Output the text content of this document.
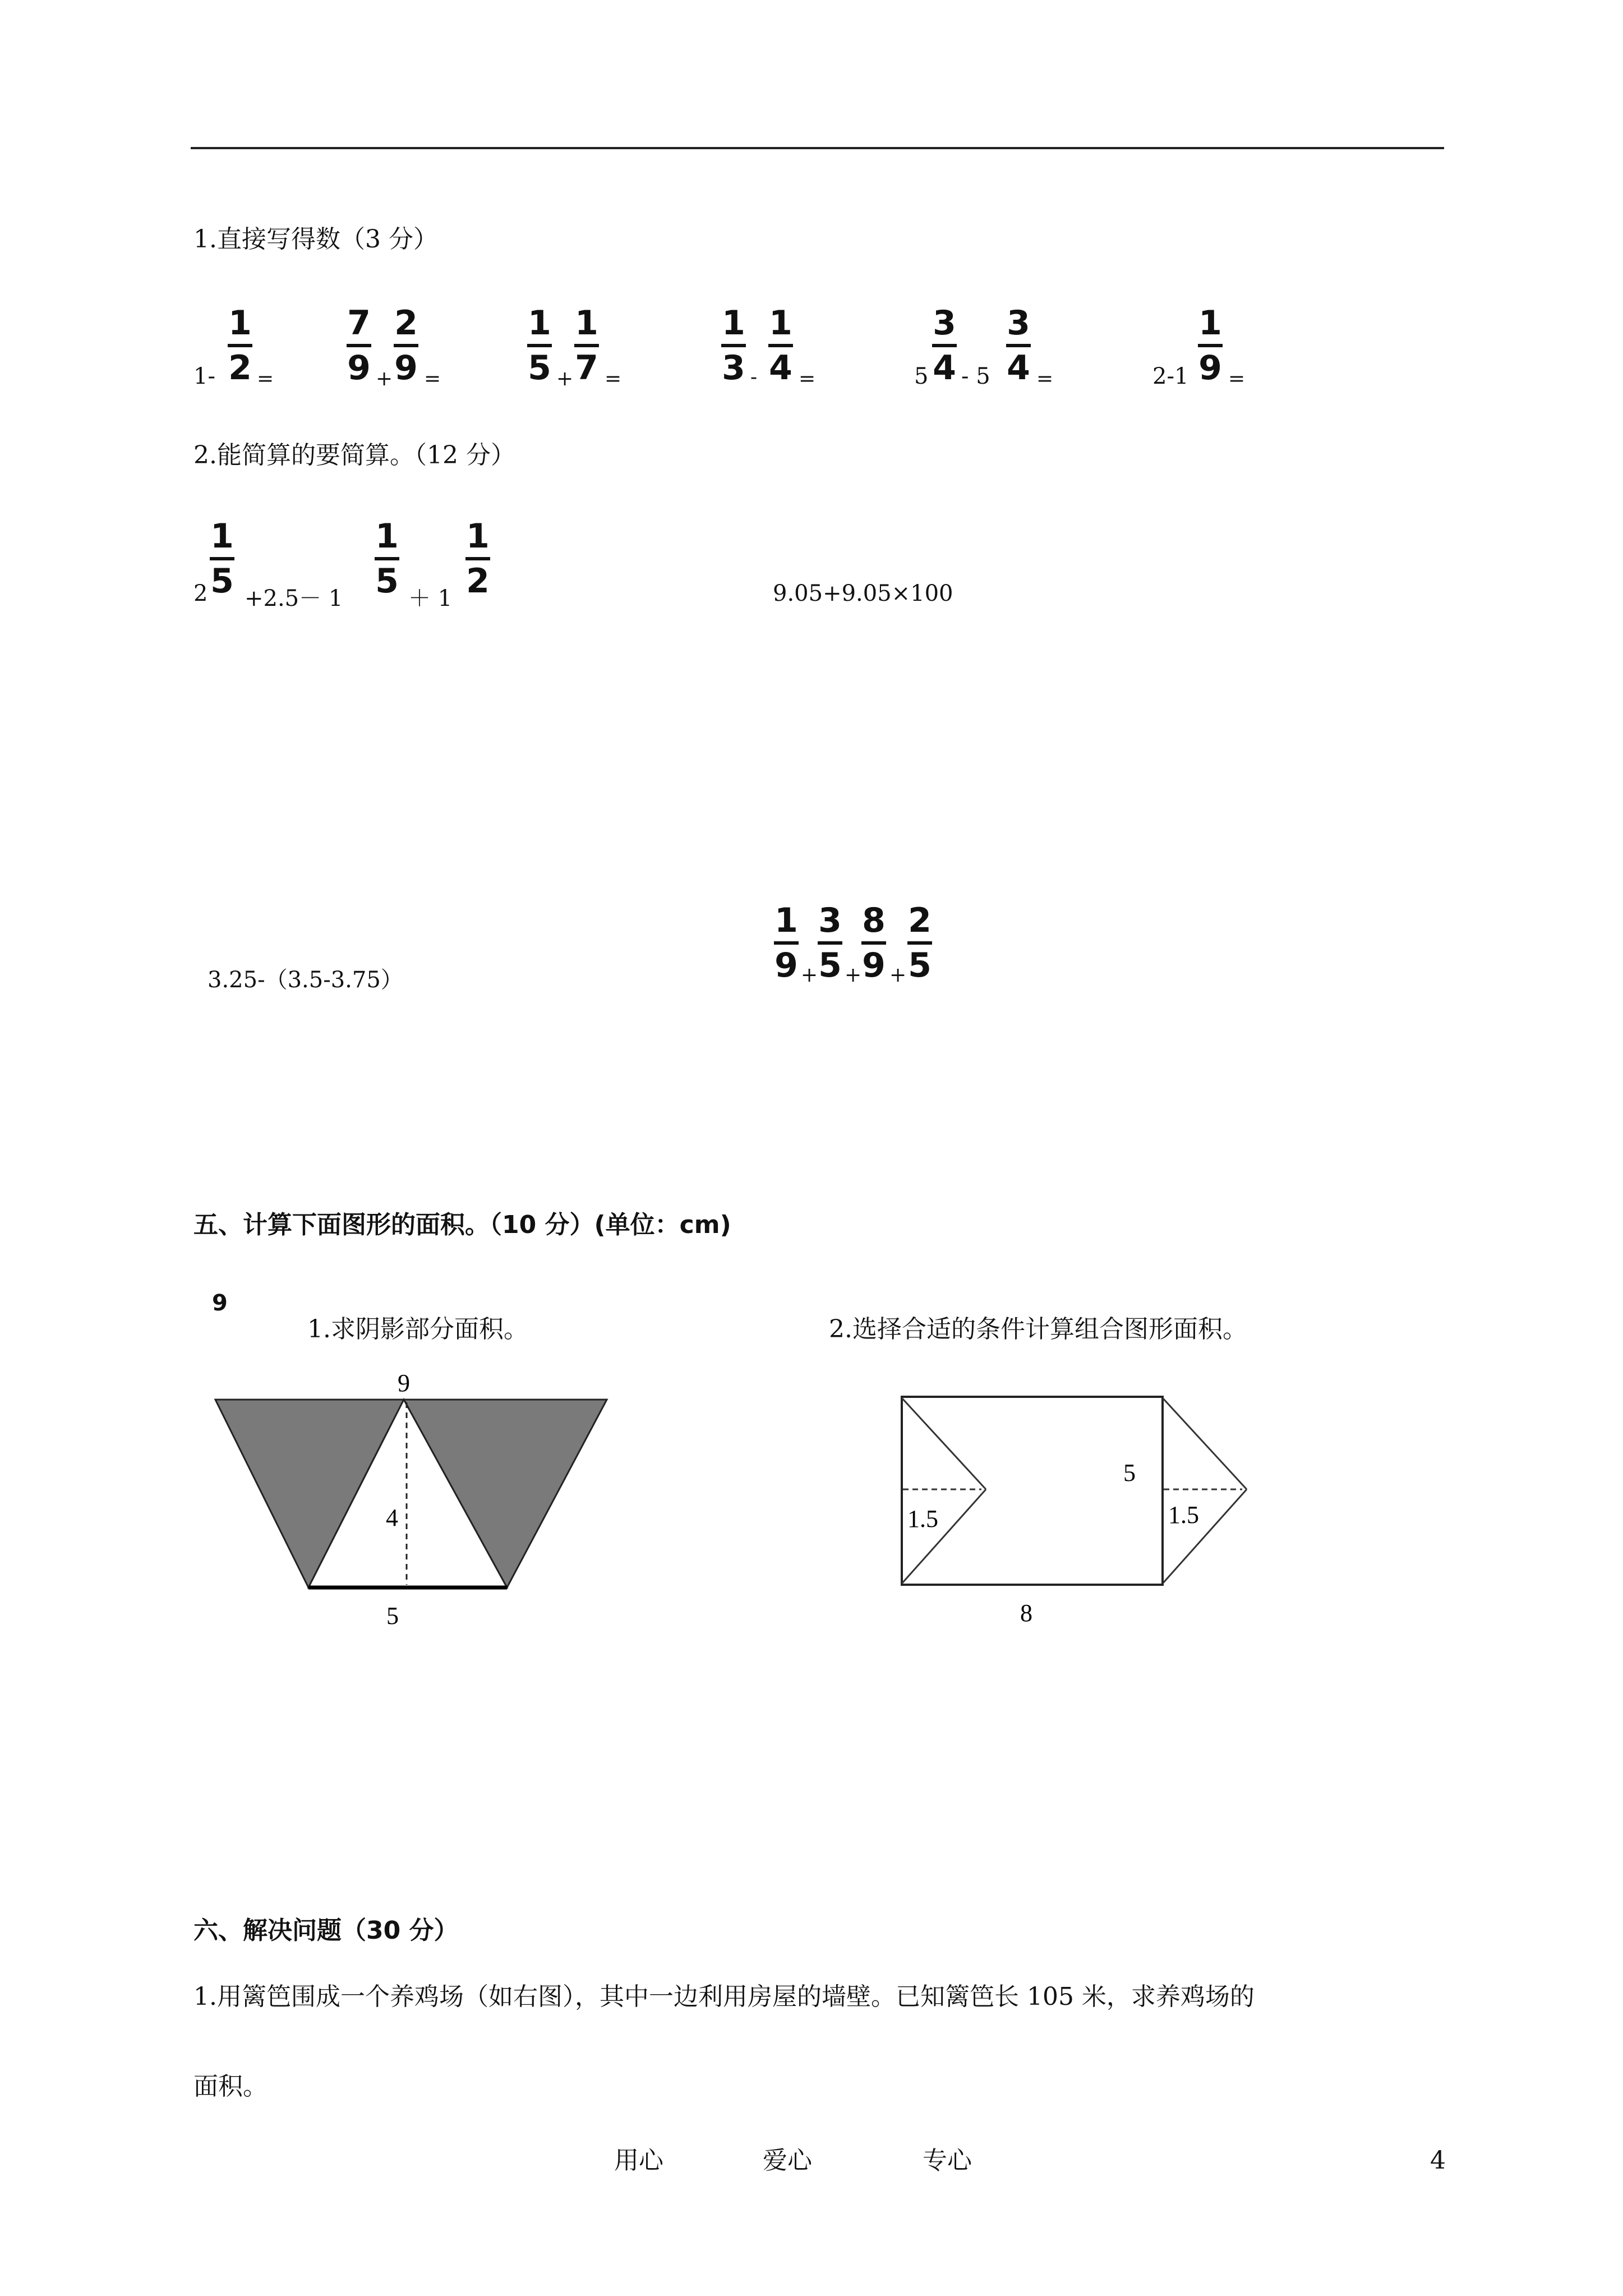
1.直接写得数（3 分）
1-
1
2 =
7
9 +
2
9 =
1
5 +
1
7 =
1
3 -
1
4 =	5
3
4 - 5
3
4 =	2-1
1
9 =
2.能简算的要简算。（12 分）
2
1
5 +2.5－ 1
1
5 ＋ 1
1
2	9.05+9.05×100
3.25-（3.5-3.75）
1
9 +
3
5 +
8
9 +
2
5
五、计算下面图形的面积。（10 分）(单位：cm)
9
1.求阴影部分面积。	2.选择合适的条件计算组合图形面积。
9
4
5
1.5
5
1.5
8
六、解决问题（30 分）
1.用篱笆围成一个养鸡场（如右图），其中一边利用房屋的墙壁。已知篱笆长 105 米，求养鸡场的
面积。
用心	爱心	专心	4
